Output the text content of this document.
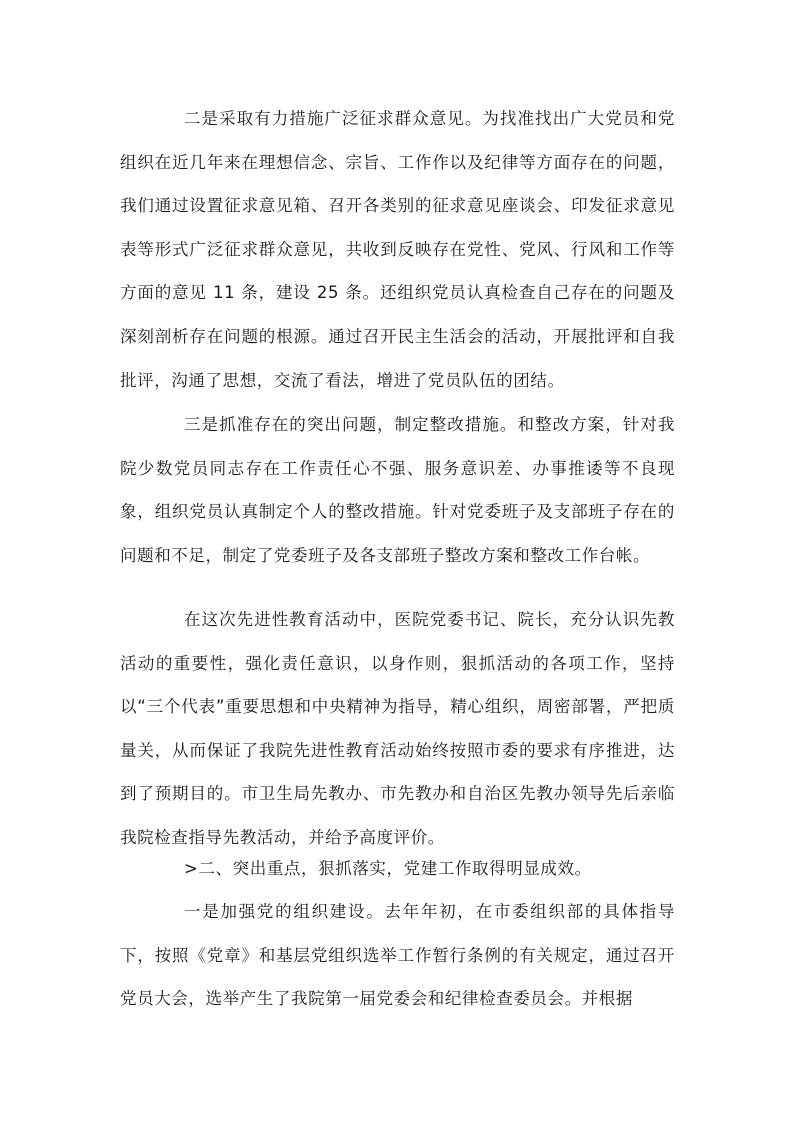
二是采取有力措施广泛征求群众意见。为找准找出广大党员和党组织在近几年来在理想信念、宗旨、工作作以及纪律等方面存在的问题，我们通过设置征求意见箱、召开各类别的征求意见座谈会、印发征求意见表等形式广泛征求群众意见，共收到反映存在党性、党风、行风和工作等方面的意见 11 条，建设 25 条。还组织党员认真检查自己存在的问题及深刻剖析存在问题的根源。通过召开民主生活会的活动，开展批评和自我批评，沟通了思想，交流了看法，增进了党员队伍的团结。

三是抓准存在的突出问题，制定整改措施。和整改方案，针对我院少数党员同志存在工作责任心不强、服务意识差、办事推诿等不良现象，组织党员认真制定个人的整改措施。针对党委班子及支部班子存在的问题和不足，制定了党委班子及各支部班子整改方案和整改工作台帐。

在这次先进性教育活动中，医院党委书记、院长，充分认识先教活动的重要性，强化责任意识，以身作则，狠抓活动的各项工作，坚持以“三个代表”重要思想和中央精神为指导，精心组织，周密部署，严把质量关，从而保证了我院先进性教育活动始终按照市委的要求有序推进，达到了预期目的。市卫生局先教办、市先教办和自治区先教办领导先后亲临我院检查指导先教活动，并给予高度评价。

>二、突出重点，狠抓落实，党建工作取得明显成效。

一是加强党的组织建设。去年年初，在市委组织部的具体指导下，按照《党章》和基层党组织选举工作暂行条例的有关规定，通过召开党员大会，选举产生了我院第一届党委会和纪律检查委员会。并根据
